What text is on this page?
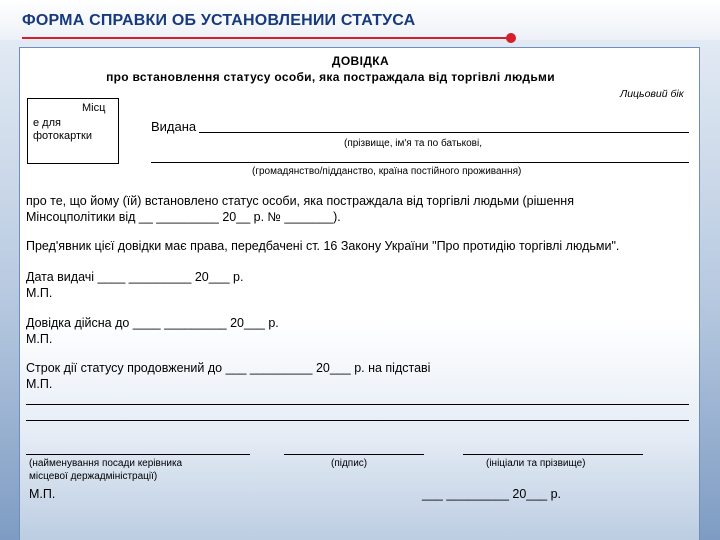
ФОРМА СПРАВКИ ОБ УСТАНОВЛЕНИИ СТАТУСА
ДОВІДКА
про встановлення статусу особи, яка постраждала від торгівлі людьми
Лицьовий бік
Місц
е для фотокартки
Видана
(прізвище, ім'я та по батькові,
(громадянство/підданство, країна постійного проживання)
про те, що йому (їй) встановлено статус особи, яка постраждала від торгівлі людьми (рішення
Мінсоцполітики від __ _________ 20__ р. № _______).
Пред'явник цієї довідки має права, передбачені ст. 16 Закону України "Про протидію торгівлі людьми".
Дата видачі ____ _________ 20___ р.
М.П.
Довідка дійсна до ____ _________ 20___ р.
М.П.
Строк дії статусу продовжений до ___ _________ 20___ р. на підставі
М.П.
(найменування посади керівника
місцевої держадміністрації)
(підпис)	(ініціали та прізвище)
М.П.	___ _________ 20___ р.
